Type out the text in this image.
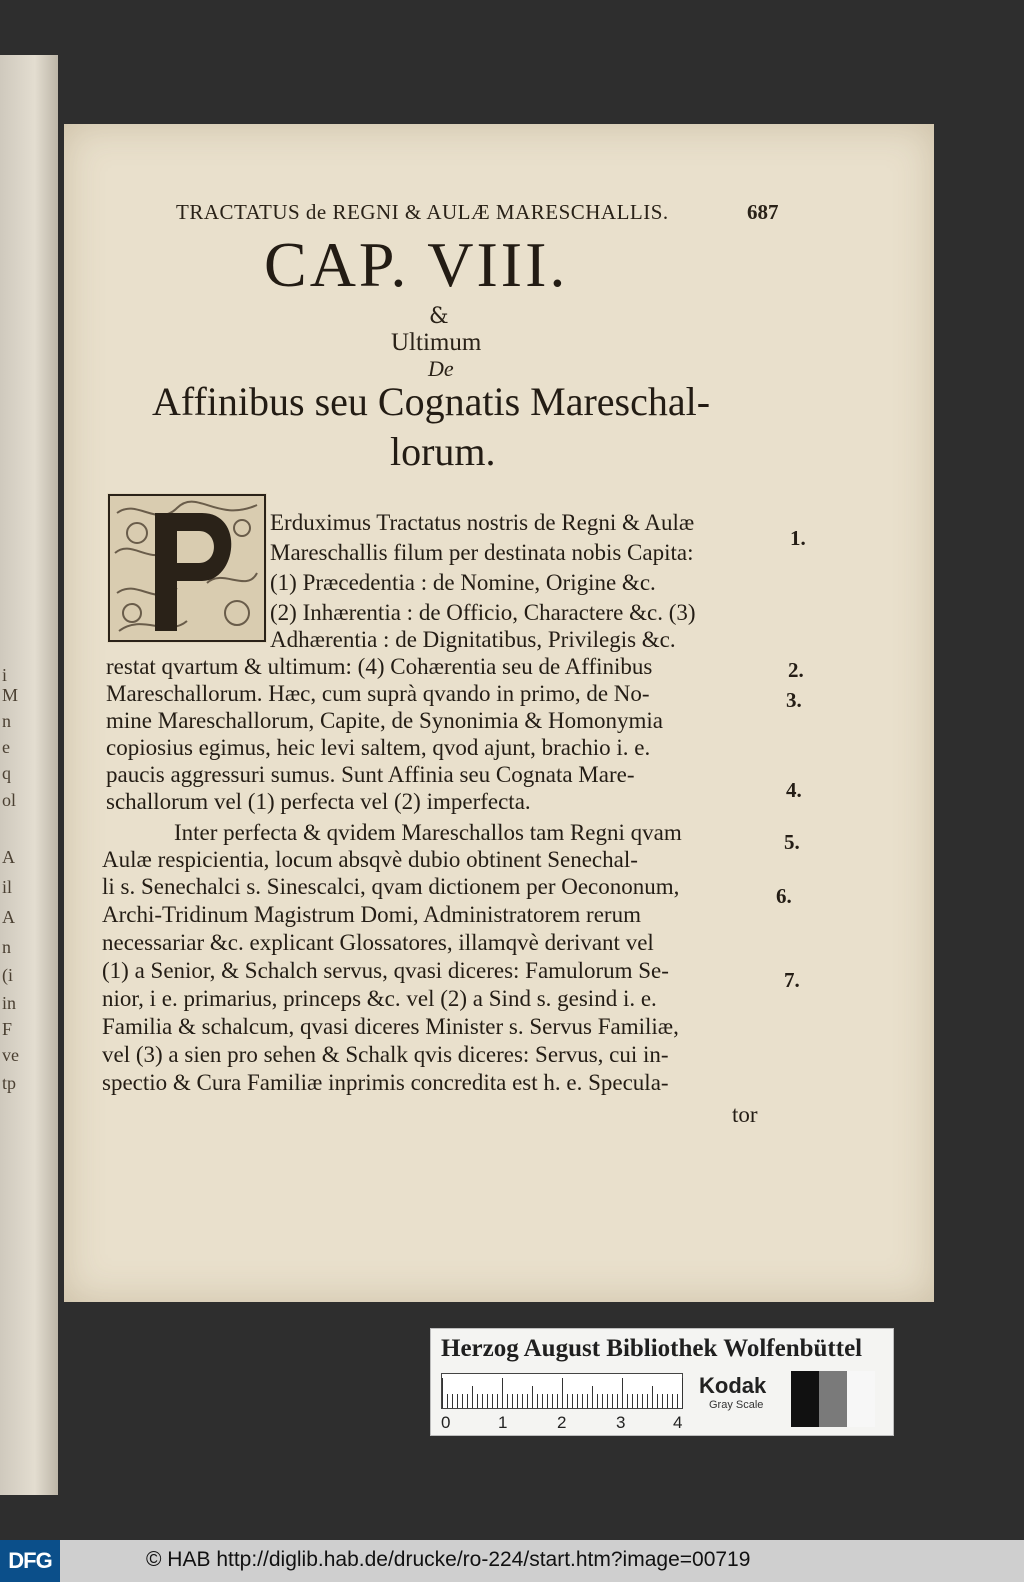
i
M
n
e
q
ol
A
il
A
n
(i
in
F
ve
tp
TRACTATUS de REGNI & AULÆ MARESCHALLIS.	687
CAP. VIII.
&
Ultimum
De
Affinibus seu Cognatis Mareschal-
lorum.
Erduximus Tractatus nostris de Regni & Aulæ
Mareschallis filum per destinata nobis Capita:
(1) Præcedentia : de Nomine, Origine &c.
(2) Inhærentia : de Officio, Charactere &c. (3)
Adhærentia : de Dignitatibus, Privilegis &c.
restat qvartum & ultimum: (4) Cohærentia seu de Affinibus
Mareschallorum. Hæc, cum suprà qvando in primo, de No-
mine Mareschallorum, Capite, de Synonimia & Homonymia
copiosius egimus, heic levi saltem, qvod ajunt, brachio i. e.
paucis aggressuri sumus. Sunt Affinia seu Cognata Mare-
schallorum vel (1) perfecta vel (2) imperfecta.
Inter perfecta & qvidem Mareschallos tam Regni qvam
Aulæ respicientia, locum absqvè dubio obtinent Senechal-
li s. Senechalci s. Sinescalci, qvam dictionem per Oecononum,
Archi-Tridinum Magistrum Domi, Administratorem rerum
necessariar &c. explicant Glossatores, illamqvè derivant vel
(1) a Senior, & Schalch servus, qvasi diceres: Famulorum Se-
nior, i e. primarius, princeps &c. vel (2) a Sind s. gesind i. e.
Familia & schalcum, qvasi diceres Minister s. Servus Familiæ,
vel (3) a sien pro sehen & Schalk qvis diceres: Servus, cui in-
spectio & Cura Familiæ inprimis concredita est h. e. Specula-
tor
1.
2.
3.
4.
5.
6.
7.
Herzog August Bibliothek Wolfenbüttel
0	1	2	3	4
Kodak
Gray Scale
DFG	© HAB http://diglib.hab.de/drucke/ro-224/start.htm?image=00719
